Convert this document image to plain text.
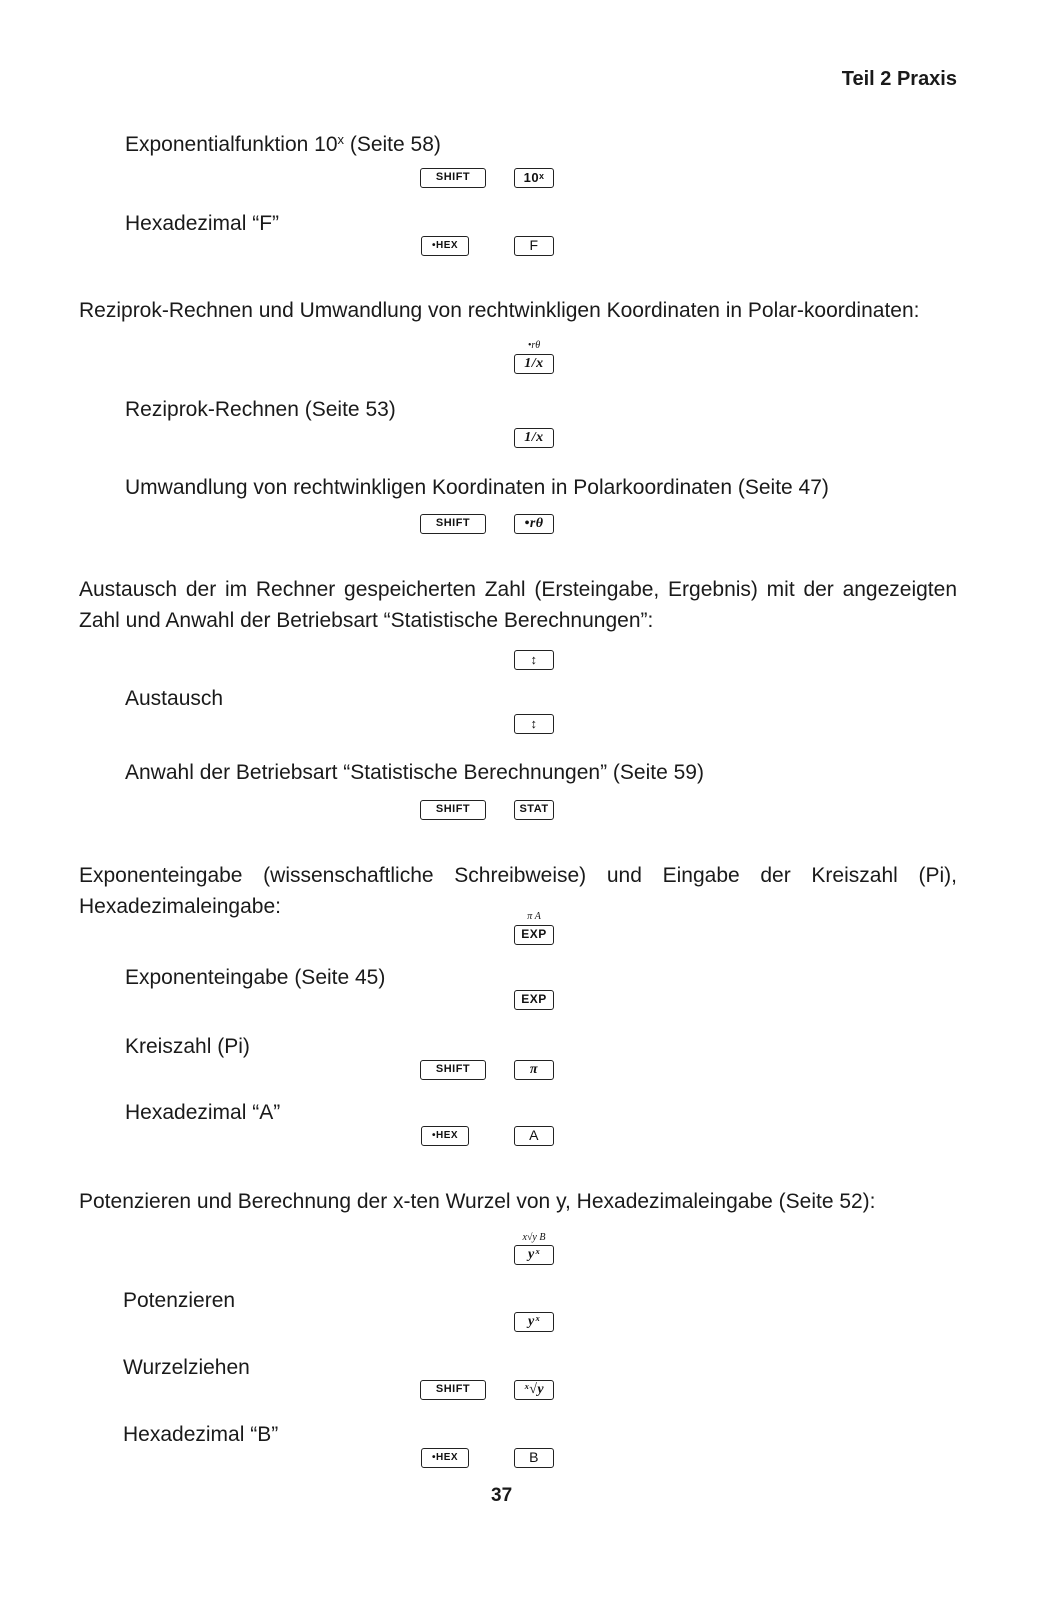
Teil 2 Praxis
Exponentialfunktion 10$^x$ (Seite 58)
SHIFT	10ˣ
Hexadezimal “F”
•HEX	F
Reziprok-Rechnen und Umwandlung von rechtwinkligen Koordinaten in Polar-koordinaten:
•rθ
1/x
Reziprok-Rechnen (Seite 53)
1/x
Umwandlung von rechtwinkligen Koordinaten in Polarkoordinaten (Seite 47)
SHIFT	•rθ
Austausch der im Rechner gespeicherten Zahl (Ersteingabe, Ergebnis) mit der angezeigten Zahl und Anwahl der Betriebsart “Statistische Berechnungen”:
↕
Austausch
↕
Anwahl der Betriebsart “Statistische Berechnungen” (Seite 59)
SHIFT	STAT
Exponenteingabe (wissenschaftliche Schreibweise) und Eingabe der Kreiszahl (Pi), Hexadezimaleingabe:	π A
EXP
Exponenteingabe (Seite 45)
EXP
Kreiszahl (Pi)
SHIFT	π
Hexadezimal “A”
•HEX	A
Potenzieren und Berechnung der x-ten Wurzel von y, Hexadezimaleingabe (Seite 52):
x√y B
yˣ
Potenzieren
yˣ
Wurzelziehen
SHIFT	ˣ√y
Hexadezimal “B”
•HEX	B
37
